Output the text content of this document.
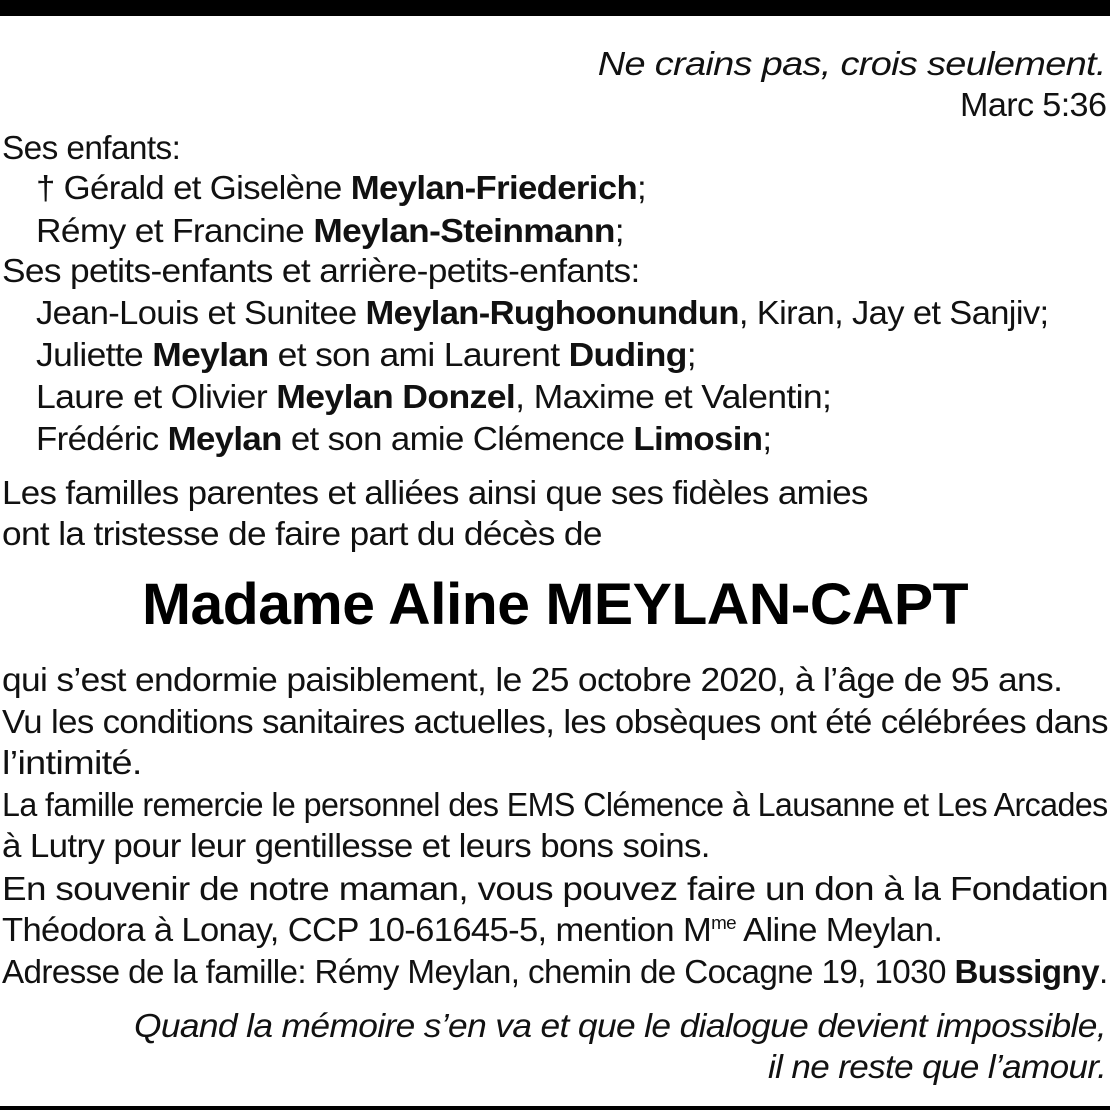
Ne crains pas, crois seulement.
Marc 5:36
Ses enfants:
† Gérald et Giselène Meylan-Friederich;
Rémy et Francine Meylan-Steinmann;
Ses petits-enfants et arrière-petits-enfants:
Jean-Louis et Sunitee Meylan-Rughoonundun, Kiran, Jay et Sanjiv;
Juliette Meylan et son ami Laurent Duding;
Laure et Olivier Meylan Donzel, Maxime et Valentin;
Frédéric Meylan et son amie Clémence Limosin;
Les familles parentes et alliées ainsi que ses fidèles amies
ont la tristesse de faire part du décès de
Madame Aline MEYLAN-CAPT
qui s’est endormie paisiblement, le 25 octobre 2020, à l’âge de 95 ans.
Vu les conditions sanitaires actuelles, les obsèques ont été célébrées dans
l’intimité.
La famille remercie le personnel des EMS Clémence à Lausanne et Les Arcades
à Lutry pour leur gentillesse et leurs bons soins.
En souvenir de notre maman, vous pouvez faire un don à la Fondation
Théodora à Lonay, CCP 10-61645-5, mention $M^{me}$ Aline Meylan.
Adresse de la famille: Rémy Meylan, chemin de Cocagne 19, 1030 Bussigny.
Quand la mémoire s’en va et que le dialogue devient impossible,
il ne reste que l’amour.
